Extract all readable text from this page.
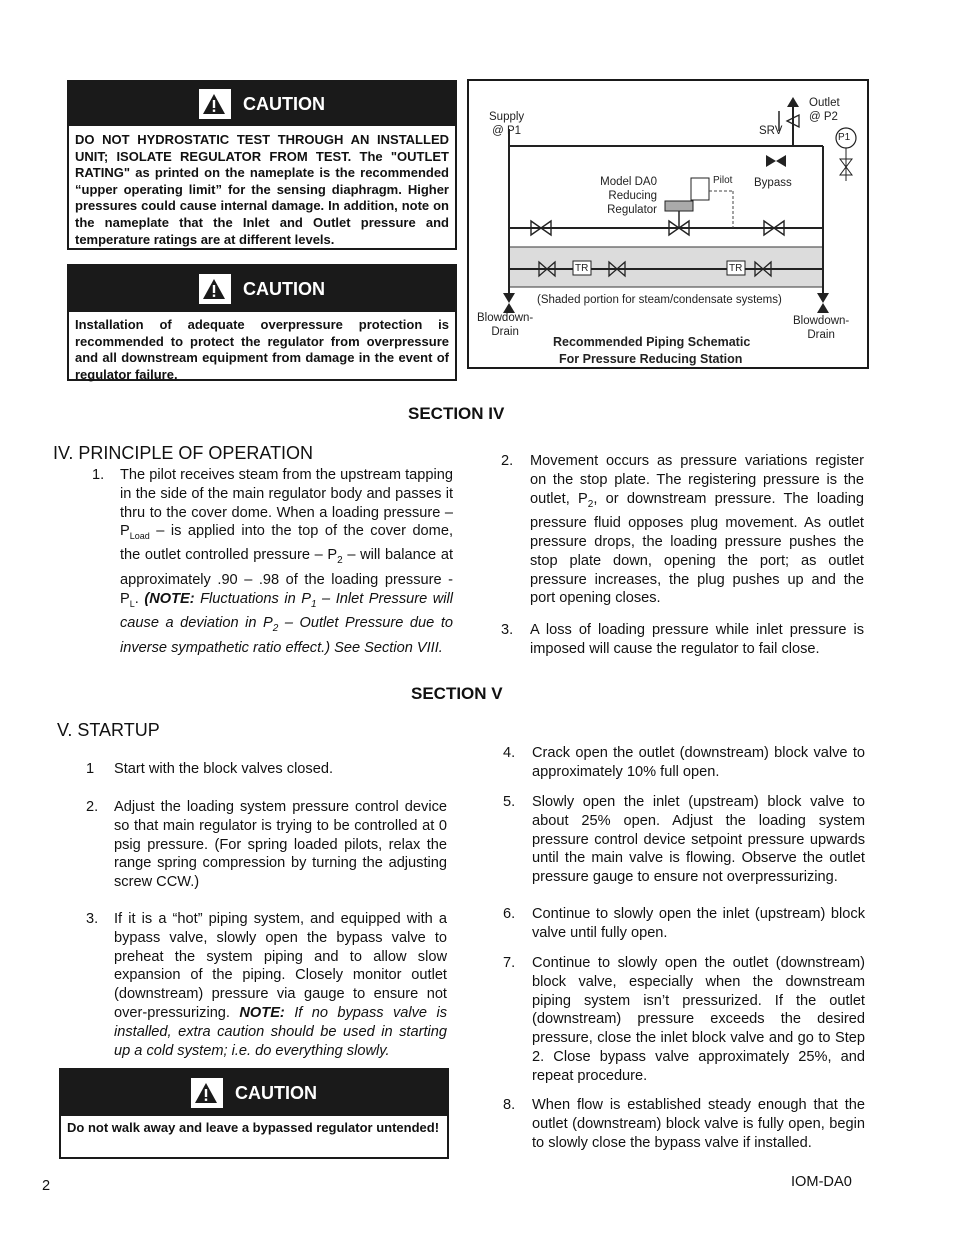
CAUTION
DO NOT HYDROSTATIC TEST THROUGH AN INSTALLED UNIT; ISOLATE REGULATOR FROM TEST. The "OUTLET RATING" as printed on the nameplate is the recommended “upper operating limit” for the sensing diaphragm. Higher pressures could cause internal damage. In addition, note on the nameplate that the Inlet and Outlet pressure and temperature ratings are at different levels.
CAUTION
Installation of adequate overpressure protection is recommended to protect the regulator from overpressure and all downstream equipment from damage in the event of regulator failure.
Supply
@ P1
Outlet
@ P2
SRV
P1
Bypass
Pilot
Model DA0
Reducing
Regulator
TR	TR
(Shaded portion for steam/condensate systems)
Blowdown-
Drain
Blowdown-
Drain
Recommended Piping Schematic
For Pressure Reducing Station
SECTION IV
IV. PRINCIPLE OF OPERATION
1. The pilot receives steam from the upstream tapping in the side of the main regulator body and passes it thru to the cover dome. When a loading pressure – $P_{Load}$ – is applied into the top of the cover dome, the outlet controlled pressure – $P_2$ – will balance at approximately .90 – .98 of the loading pressure - $P_L$. (NOTE: Fluctuations in $P_1$ – Inlet Pressure will cause a deviation in $P_2$ – Outlet Pressure due to inverse sympathetic ratio effect.) See Section VIII.
2. Movement occurs as pressure variations register on the stop plate. The registering pressure is the outlet, $P_2$, or downstream pressure. The loading pressure fluid opposes plug movement. As outlet pressure drops, the loading pressure pushes the stop plate down, opening the port; as outlet pressure increases, the plug pushes up and the port opening closes.
3. A loss of loading pressure while inlet pressure is imposed will cause the regulator to fail close.
SECTION V
V. STARTUP
1 Start with the block valves closed.
2. Adjust the loading system pressure control device so that main regulator is trying to be controlled at 0 psig pressure. (For spring loaded pilots, relax the range spring compression by turning the adjusting screw CCW.)
3. If it is a “hot” piping system, and equipped with a bypass valve, slowly open the bypass valve to preheat the system piping and to allow slow expansion of the piping. Closely monitor outlet (downstream) pressure via gauge to ensure not over-pressurizing. NOTE: If no bypass valve is installed, extra caution should be used in starting up a cold system; i.e. do everything slowly.
CAUTION
Do not walk away and leave a bypassed regulator untended!
4. Crack open the outlet (downstream) block valve to approximately 10% full open.
5. Slowly open the inlet (upstream) block valve to about 25% open. Adjust the loading system pressure control device setpoint pressure upwards until the main valve is flowing. Observe the outlet pressure gauge to ensure not overpressurizing.
6. Continue to slowly open the inlet (upstream) block valve until fully open.
7. Continue to slowly open the outlet (downstream) block valve, especially when the downstream piping system isn’t pressurized. If the outlet (downstream) pressure exceeds the desired pressure, close the inlet block valve and go to Step 2. Close bypass valve approximately 25%, and repeat procedure.
8. When flow is established steady enough that the outlet (downstream) block valve is fully open, begin to slowly close the bypass valve if installed.
2	IOM-DA0
